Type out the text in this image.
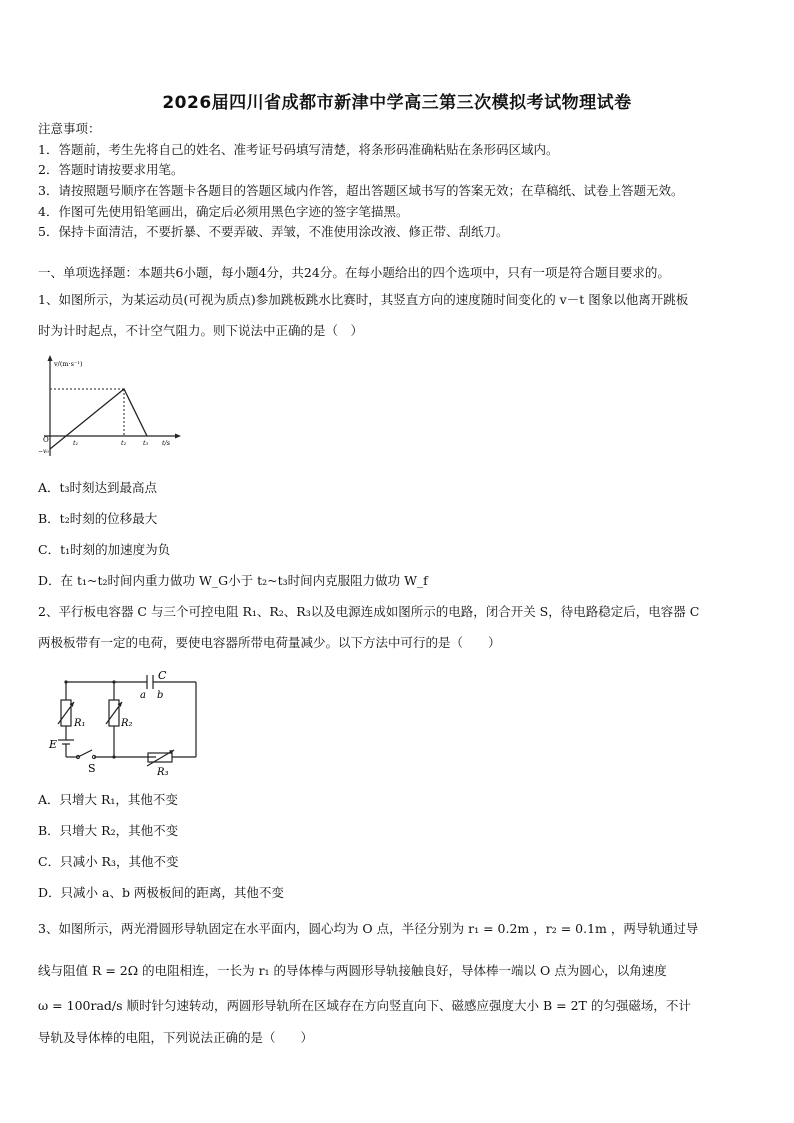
2026届四川省成都市新津中学高三第三次模拟考试物理试卷
注意事项：
1．答题前，考生先将自己的姓名、准考证号码填写清楚，将条形码准确粘贴在条形码区域内。
2．答题时请按要求用笔。
3．请按照题号顺序在答题卡各题目的答题区域内作答，超出答题区域书写的答案无效；在草稿纸、试卷上答题无效。
4．作图可先使用铅笔画出，确定后必须用黑色字迹的签字笔描黑。
5．保持卡面清洁，不要折暴、不要弄破、弄皱，不准使用涂改液、修正带、刮纸刀。
一、单项选择题：本题共6小题，每小题4分，共24分。在每小题给出的四个选项中，只有一项是符合题目要求的。
1、如图所示，为某运动员(可视为质点)参加跳板跳水比赛时，其竖直方向的速度随时间变化的 v－t 图象以他离开跳板
时为计时起点，不计空气阻力。则下说法中正确的是（　）
v/(m·s⁻¹)
t/s
O
−v₀
t₁	t₂	t₃
A．t₃时刻达到最高点
B．t₂时刻的位移最大
C．t₁时刻的加速度为负
D．在 t₁~t₂时间内重力做功 W_G小于 t₂~t₃时间内克服阻力做功 W_f
2、平行板电容器 C 与三个可控电阻 R₁、R₂、R₃以及电源连成如图所示的电路，闭合开关 S，待电路稳定后，电容器 C
两极板带有一定的电荷，要使电容器所带电荷量减少。以下方法中可行的是（　　）
C
a b
R₁	R₂
R₃
E
S
A．只增大 R₁，其他不变
B．只增大 R₂，其他不变
C．只减小 R₃，其他不变
D．只减小 a、b 两极板间的距离，其他不变
3、如图所示，两光滑圆形导轨固定在水平面内，圆心均为 O 点，半径分别为 r₁ = 0.2m ，r₂ = 0.1m ，两导轨通过导
线与阻值 R = 2Ω 的电阻相连，一长为 r₁ 的导体棒与两圆形导轨接触良好，导体棒一端以 O 点为圆心，以角速度
ω = 100rad/s 顺时针匀速转动，两圆形导轨所在区域存在方向竖直向下、磁感应强度大小 B = 2T 的匀强磁场，不计
导轨及导体棒的电阻，下列说法正确的是（　　）
